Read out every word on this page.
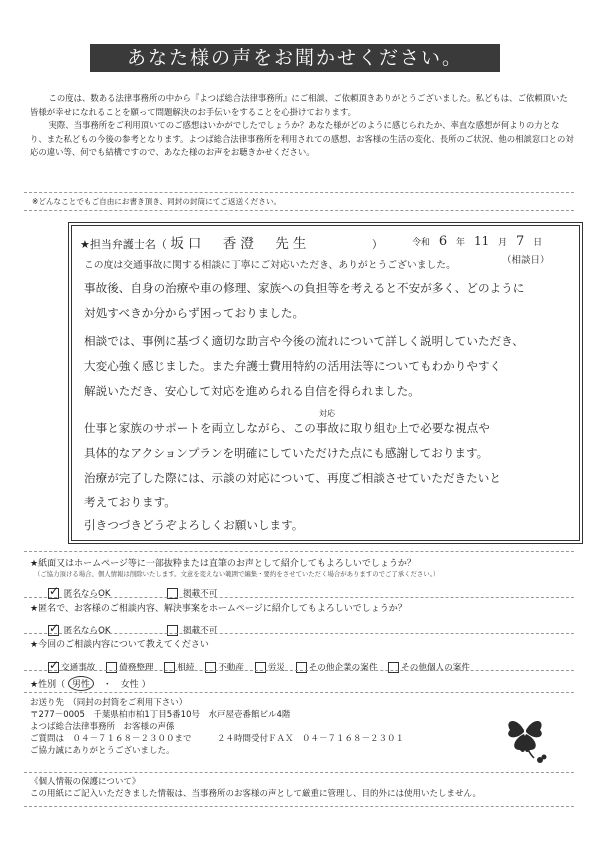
あなた様の声をお聞かせください。

この度は、数ある法律事務所の中から『よつば総合法律事務所』にご相談、ご依頼頂きありがとうございました。私どもは、ご依頼頂いた皆様が幸せになれることを願って問題解決のお手伝いをすることを心掛けております。

実際、当事務所をご利用頂いてのご感想はいかがでしたでしょうか？あなた様がどのように感じられたか、率直な感想が何よりの力となり、また私どもの今後の参考となります。よつば総合法律事務所を利用されての感想、お客様の生活の変化、長所のご状況、他の相談窓口との対応の違い等、何でも結構ですので、あなた様のお声をお聴きかせください。

※どんなことでもご自由にお書き頂き、同封の封筒にてご返送ください。
★担当弁護士名（ 坂口　香澄　先生	）	令和 6 年 11 月 7 日
（相談日）
この度は交通事故に関する相談に丁寧にご対応いただき、ありがとうございました。
事故後、自身の治療や車の修理、家族への負担等を考えると不安が多く、どのように
対処すべきか分からず困っておりました。
相談では、事例に基づく適切な助言や今後の流れについて詳しく説明していただき、
大変心強く感じました。また弁護士費用特約の活用法等についてもわかりやすく
解説いただき、安心して対応を進められる自信を得られました。
対応
仕事と家族のサポートを両立しながら、この事故に取り組む上で必要な視点や
具体的なアクションプランを明確にしていただけた点にも感謝しております。
治療が完了した際には、示談の対応について、再度ご相談させていただきたいと
考えております。
引きつづきどうぞよろしくお願いします。
★紙面又はホームページ等に一部抜粋または直筆のお声として紹介してもよろしいでしょうか？
（ご協力頂ける場合、個人情報は削除いたします。文意を変えない範囲で編集・要約をさせていただく場合がありますのでご了承ください。）
✓ 匿名ならOK	掲載不可
★匿名で、お客様のご相談内容、解決事案をホームページに紹介してもよろしいでしょうか？
✓ 匿名ならOK	掲載不可
★今回のご相談内容について教えてください
✓交通事故	債務整理	相続	不動産	労災	その他企業の案件	その他個人の案件
★性別（ 男性 ・ 女性 ）
お送り先　（同封の封筒をご利用下さい）
〒277－0005　千葉県柏市柏1丁目5番10号　水戸屋壱番館ビル4階
よつば総合法律事務所　お客様の声係
ご質問は　０４－７１６８－２３００まで　　　２４時間受付ＦＡＸ　０４－７１６８－２３０１
ご協力誠にありがとうございました。
《個人情報の保護について》
この用紙にご記入いただきました情報は、当事務所のお客様の声として厳重に管理し、目的外には使用いたしません。
